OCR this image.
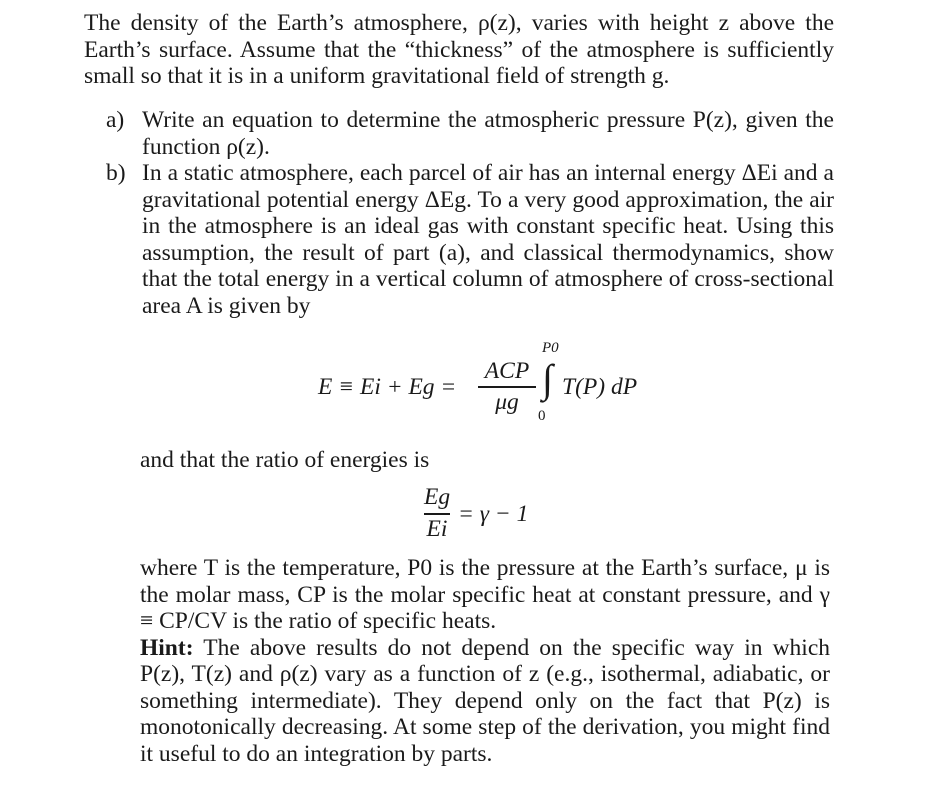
The density of the Earth’s atmosphere, ρ(z), varies with height z above the Earth’s surface. Assume that the “thickness” of the atmosphere is sufficiently small so that it is in a uniform gravitational field of strength g.

a) Write an equation to determine the atmospheric pressure P(z), given the function ρ(z).
b) In a static atmosphere, each parcel of air has an internal energy ΔEi and a gravitational potential energy ΔEg. To a very good approximation, the air in the atmosphere is an ideal gas with constant specific heat. Using this assumption, the result of part (a), and classical thermodynamics, show that the total energy in a vertical column of atmosphere of cross-sectional area A is given by
E ≡ Ei + Eg =
ACP
μg
P0
∫
0
T(P) dP

and that the ratio of energies is

Eg
Ei
= γ − 1
where T is the temperature, P0 is the pressure at the Earth’s surface, μ is the molar mass, CP is the molar specific heat at constant pressure, and γ ≡ CP/CV is the ratio of specific heats.
Hint: The above results do not depend on the specific way in which P(z), T(z) and ρ(z) vary as a function of z (e.g., isothermal, adiabatic, or something intermediate). They depend only on the fact that P(z) is monotonically decreasing. At some step of the derivation, you might find it useful to do an integration by parts.
